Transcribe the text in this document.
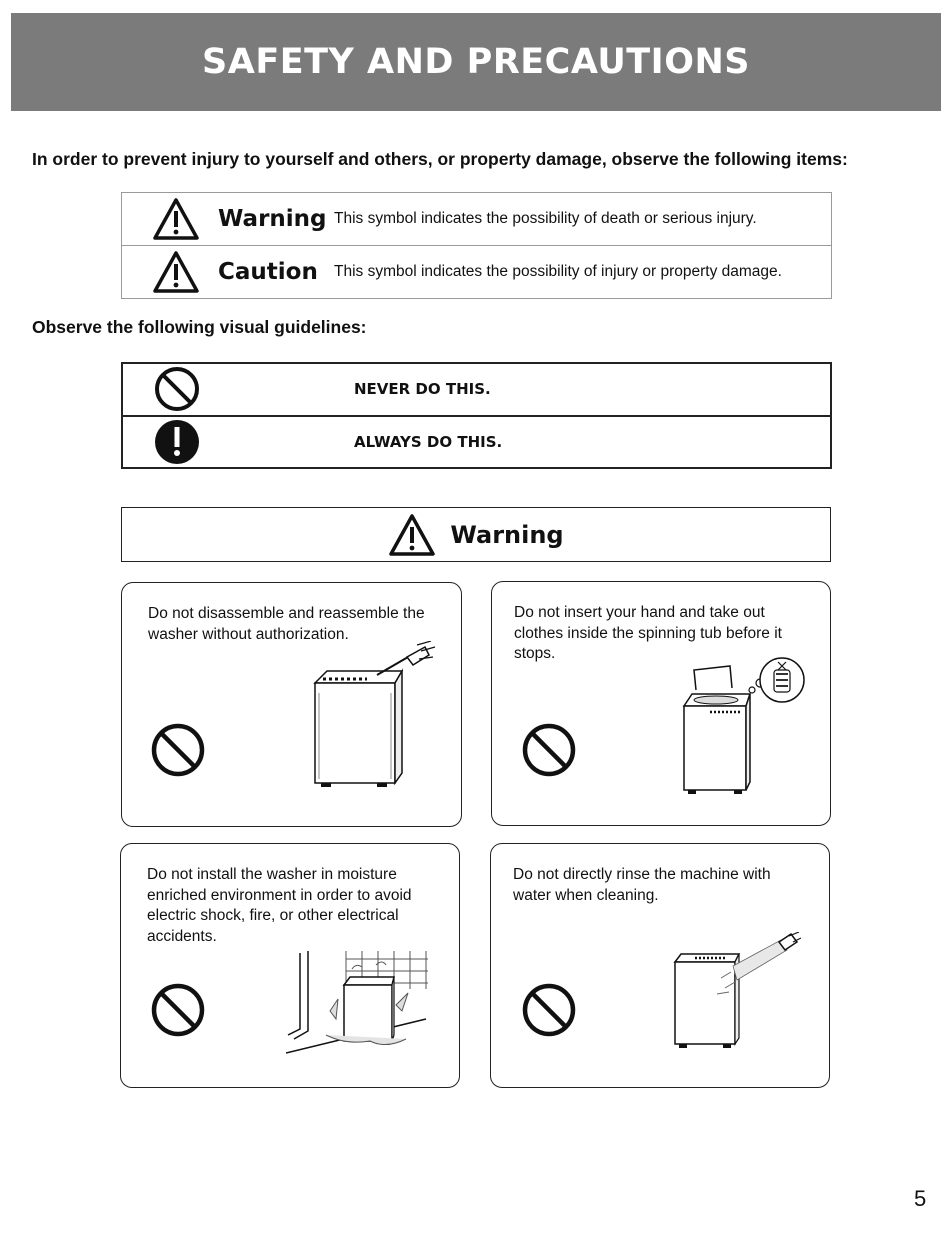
SAFETY AND PRECAUTIONS
In order to prevent injury to yourself and others, or property damage, observe the following items:
Warning This symbol indicates the possibility of death or serious injury.

Caution	This symbol indicates the possibility of injury or property damage.
Observe the following visual guidelines:
NEVER DO THIS.

ALWAYS DO THIS.
Warning

Do not disassemble and reassemble the washer without authorization.

Do not insert your hand and take out clothes inside the spinning tub before it stops.

Do not install the washer in moisture enriched environment in order to avoid electric shock, fire, or other electrical accidents.

Do not directly rinse the machine with water when cleaning.

5
